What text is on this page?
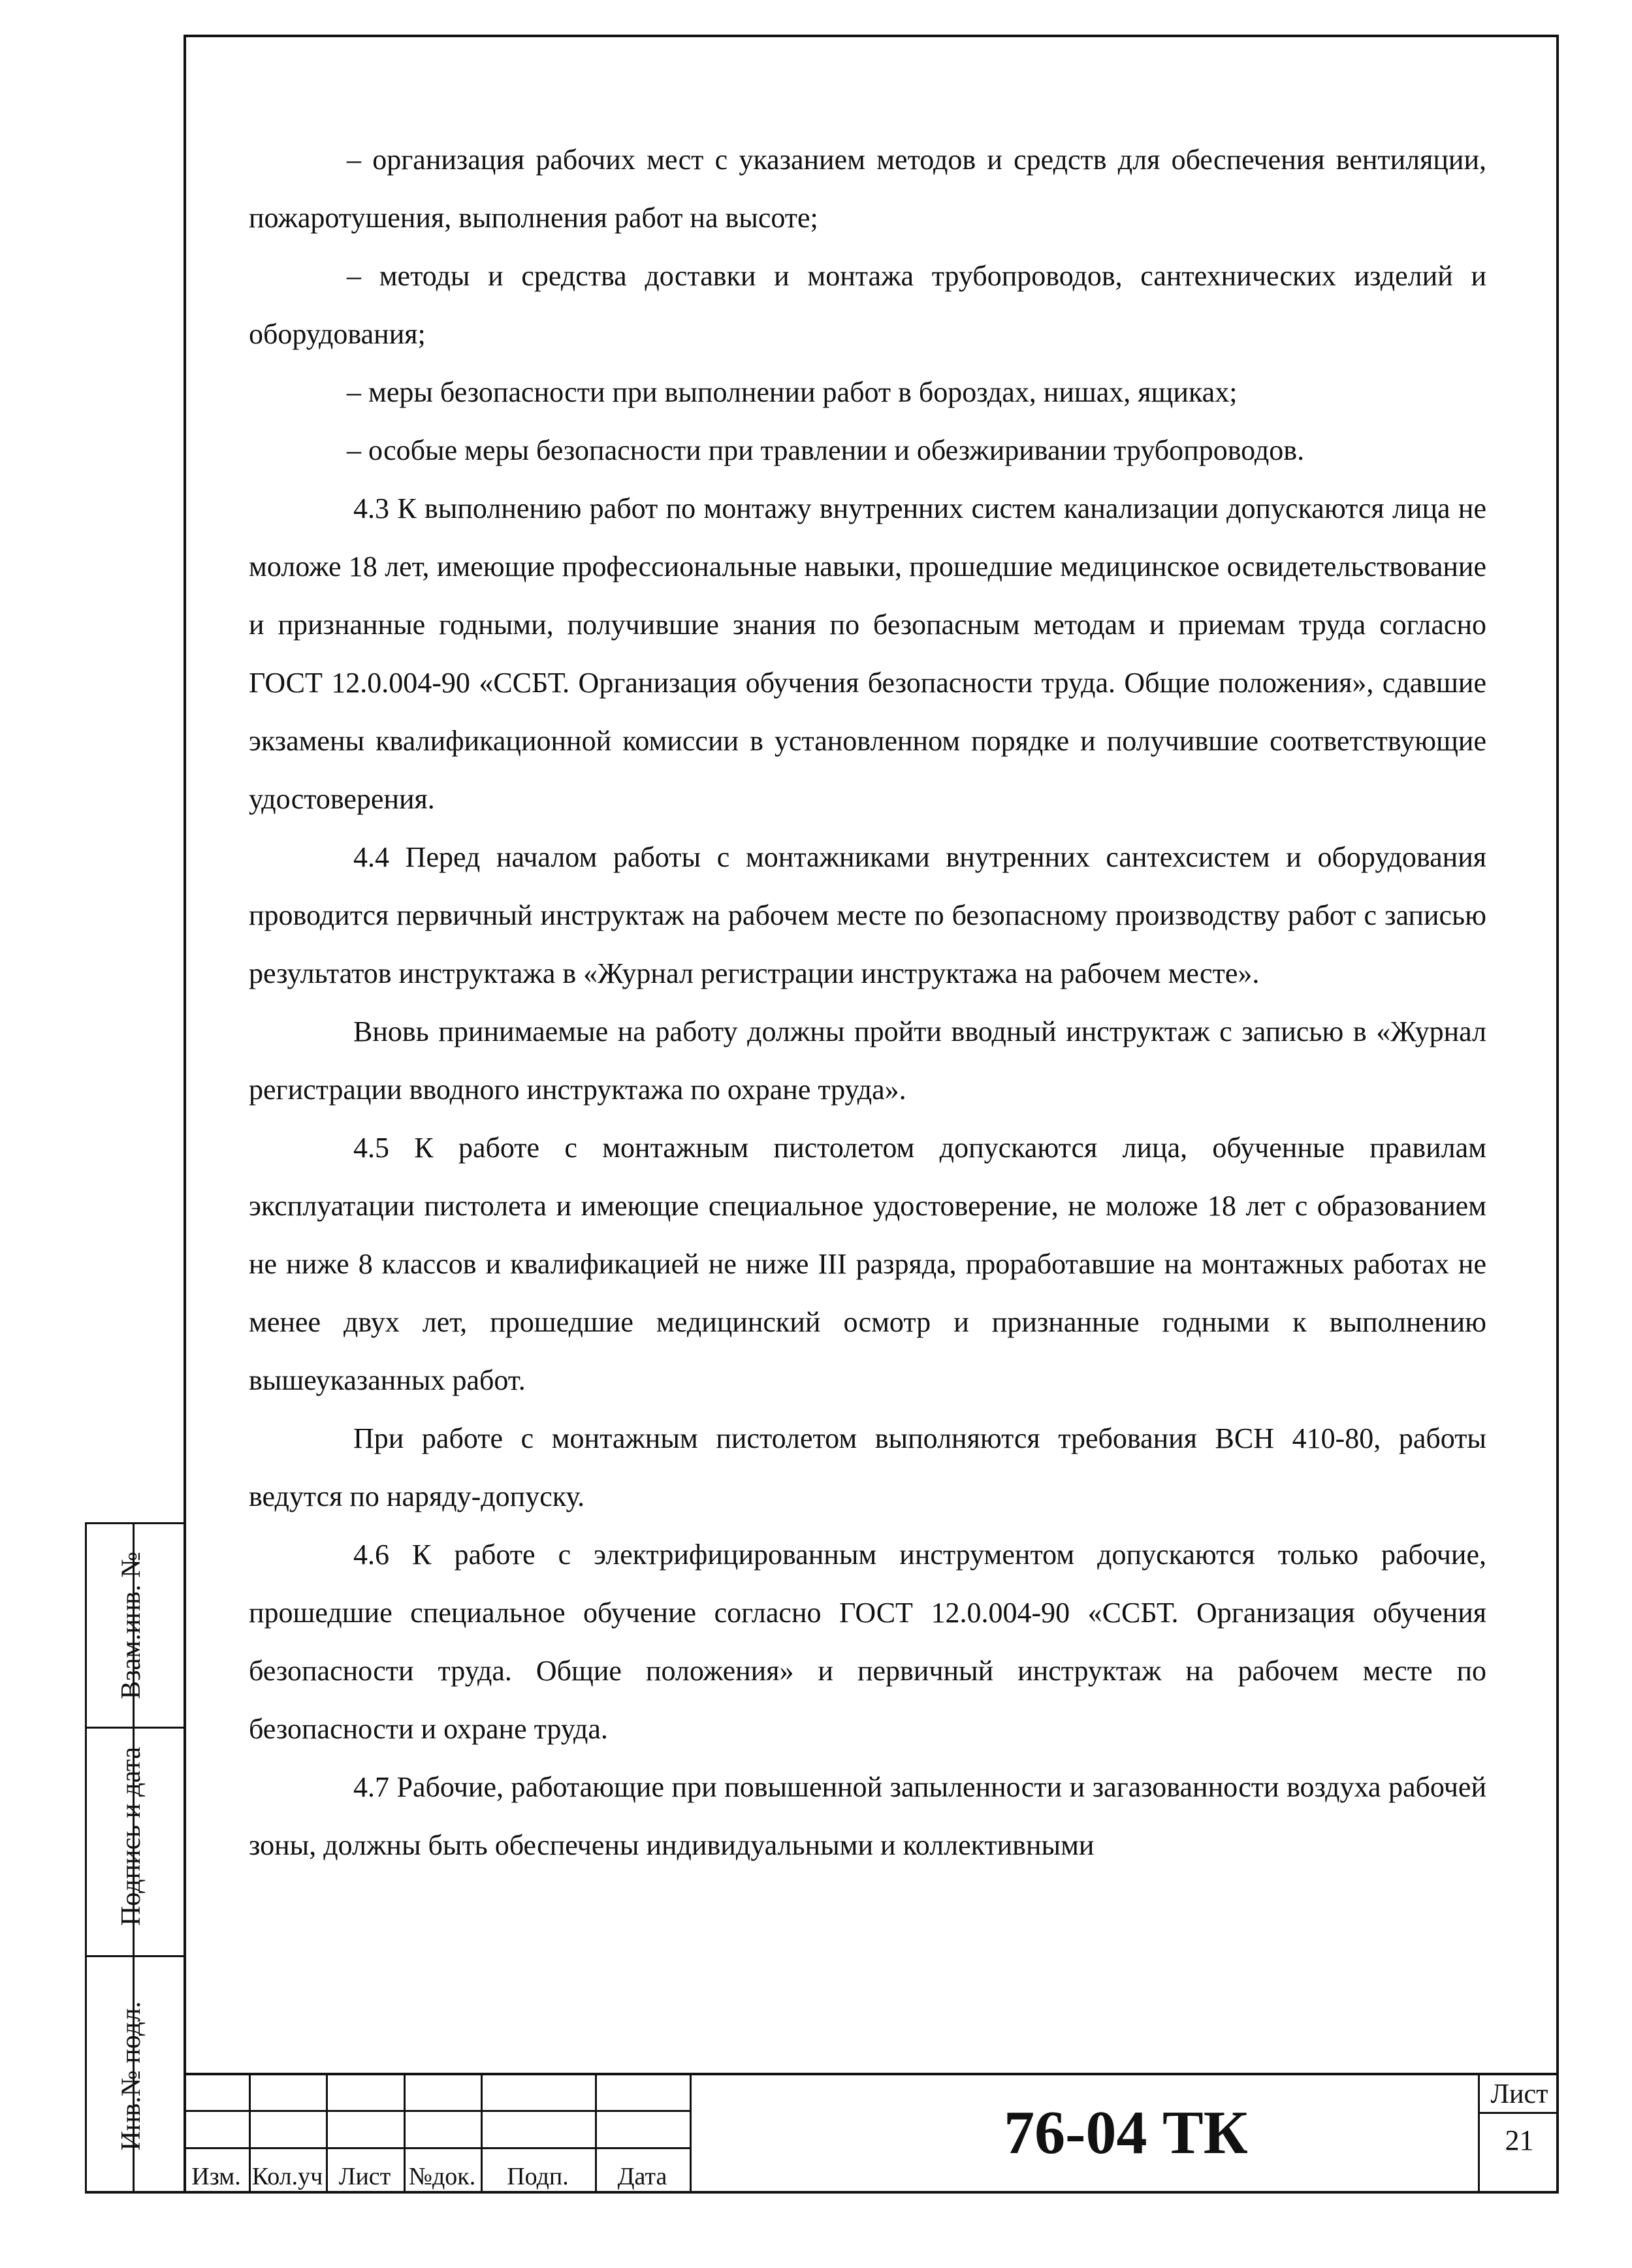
Взам.инв. №
Подпись и дата
Инв.№ подл.

– организация рабочих мест с указанием методов и средств для обеспечения вентиляции, пожаротушения, выполнения работ на высоте;

– методы и средства доставки и монтажа трубопроводов, сантехнических изделий и оборудования;

– меры безопасности при выполнении работ в бороздах, нишах, ящиках;

– особые меры безопасности при травлении и обезжиривании трубопроводов.

4.3 К выполнению работ по монтажу внутренних систем канализации допускаются лица не моложе 18 лет, имеющие профессиональные навыки, прошедшие медицинское освидетельствование и признанные годными, получившие знания по безопасным методам и приемам труда согласно ГОСТ 12.0.004-90 «ССБТ. Организация обучения безопасности труда. Общие положения», сдавшие экзамены квалификационной комиссии в установленном порядке и получившие соответствующие удостоверения.

4.4 Перед началом работы с монтажниками внутренних сантехсистем и оборудования проводится первичный инструктаж на рабочем месте по безопасному производству работ с записью результатов инструктажа в «Журнал регистрации инструктажа на рабочем месте».

Вновь принимаемые на работу должны пройти вводный инструктаж с записью в «Журнал регистрации вводного инструктажа по охране труда».

4.5 К работе с монтажным пистолетом допускаются лица, обученные правилам эксплуатации пистолета и имеющие специальное удостоверение, не моложе 18 лет с образованием не ниже 8 классов и квалификацией не ниже III разряда, проработавшие на монтажных работах не менее двух лет, прошедшие медицинский осмотр и признанные годными к выполнению вышеуказанных работ.

При работе с монтажным пистолетом выполняются требования ВСН 410-80, работы ведутся по наряду-допуску.

4.6 К работе с электрифицированным инструментом допускаются только рабочие, прошедшие специальное обучение согласно ГОСТ 12.0.004-90 «ССБТ. Организация обучения безопасности труда. Общие положения» и первичный инструктаж на рабочем месте по безопасности и охране труда.

4.7 Рабочие, работающие при повышенной запыленности и загазованности воздуха рабочей зоны, должны быть обеспечены индивидуальными и коллективными

Изм. Кол.уч Лист №док.	Подп.	Дата
76-04 ТК
Лист
21
